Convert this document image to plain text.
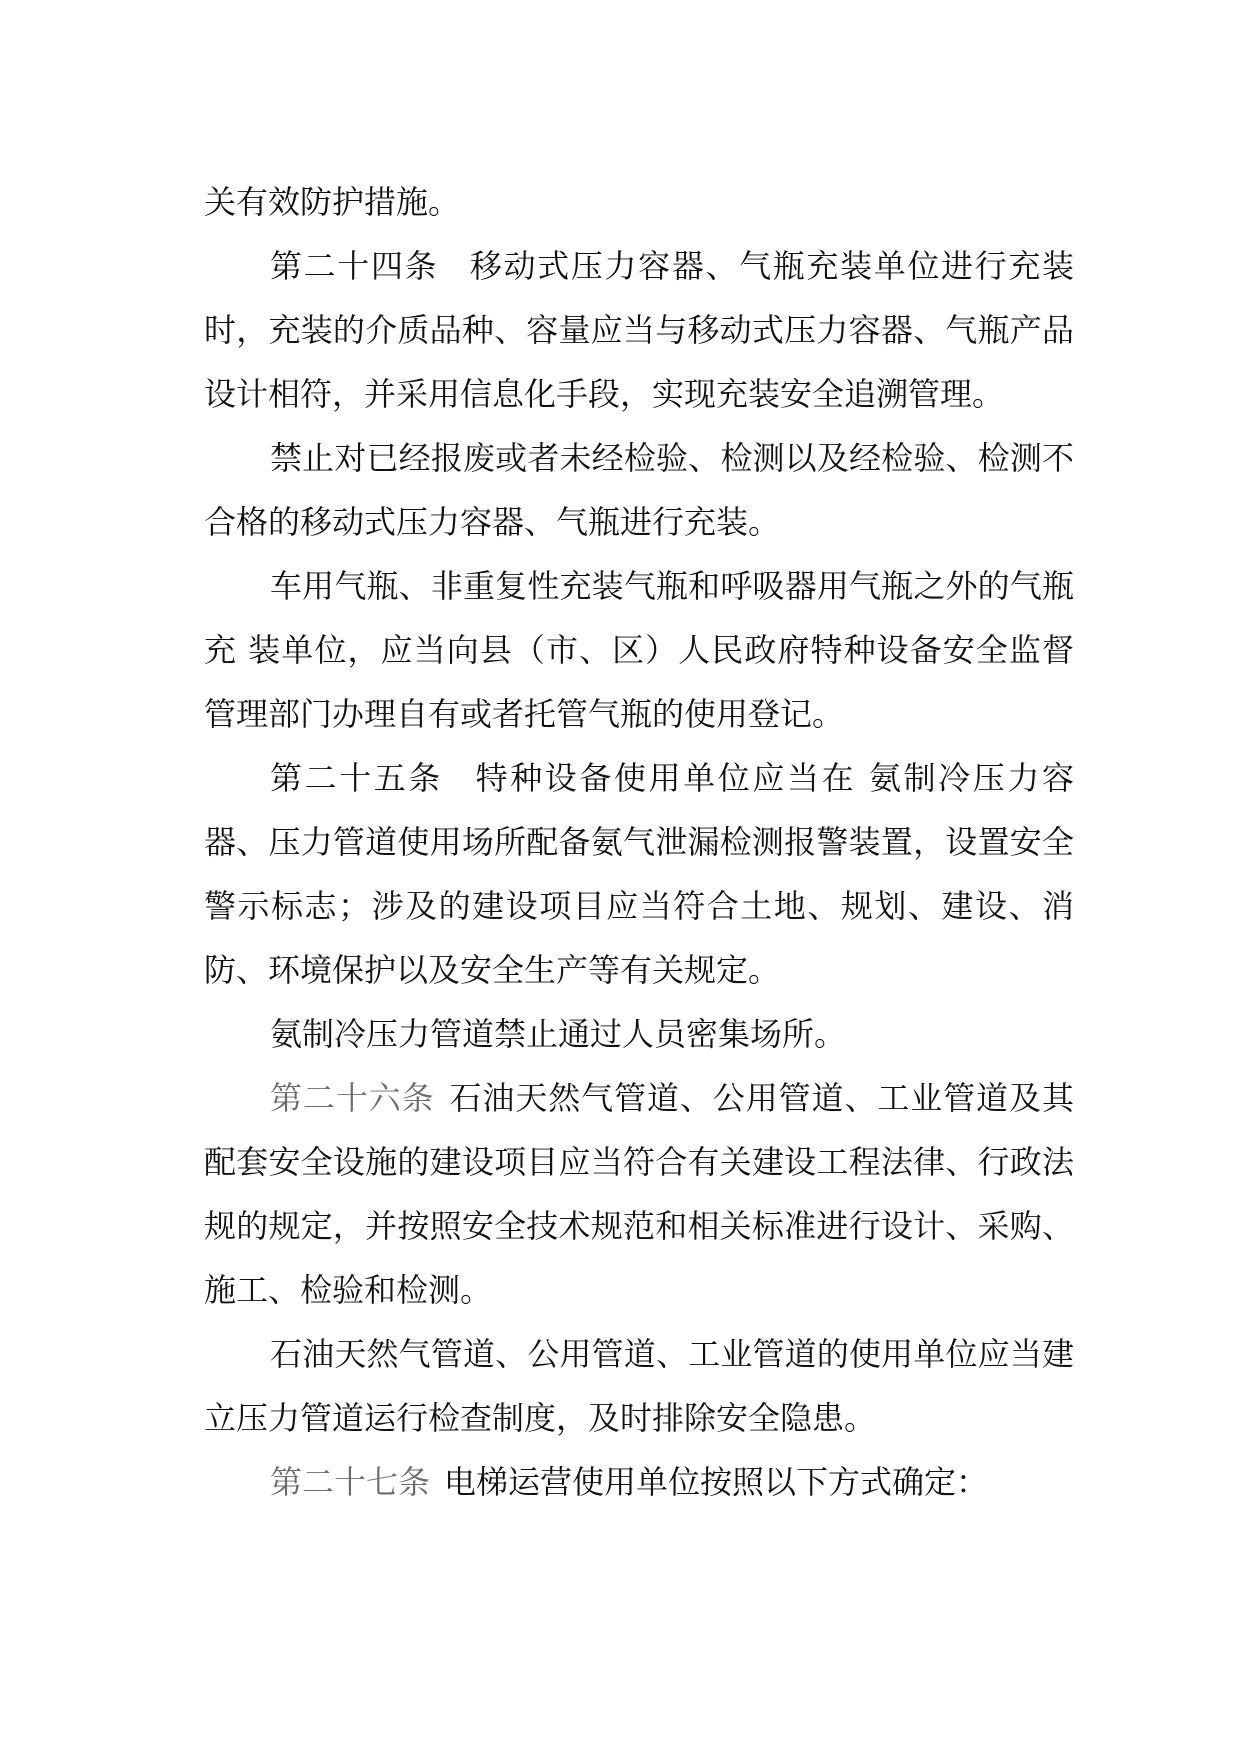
关有效防护措施。

第二十四条 移动式压力容器、气瓶充装单位进行充装时，充装的介质品种、容量应当与移动式压力容器、气瓶产品设计相符，并采用信息化手段，实现充装安全追溯管理。

禁止对已经报废或者未经检验、检测以及经检验、检测不合格的移动式压力容器、气瓶进行充装。

车用气瓶、非重复性充装气瓶和呼吸器用气瓶之外的气瓶充 装单位，应当向县（市、区）人民政府特种设备安全监督管理部门办理自有或者托管气瓶的使用登记。

第二十五条 特种设备使用单位应当在 氨制冷压力容器、压力管道使用场所配备氨气泄漏检测报警装置，设置安全警示标志；涉及的建设项目应当符合土地、规划、建设、消防、环境保护以及安全生产等有关规定。

氨制冷压力管道禁止通过人员密集场所。

第二十六条 石油天然气管道、公用管道、工业管道及其配套安全设施的建设项目应当符合有关建设工程法律、行政法规的规定，并按照安全技术规范和相关标准进行设计、采购、施工、检验和检测。

石油天然气管道、公用管道、工业管道的使用单位应当建立压力管道运行检查制度，及时排除安全隐患。

第二十七条 电梯运营使用单位按照以下方式确定：
